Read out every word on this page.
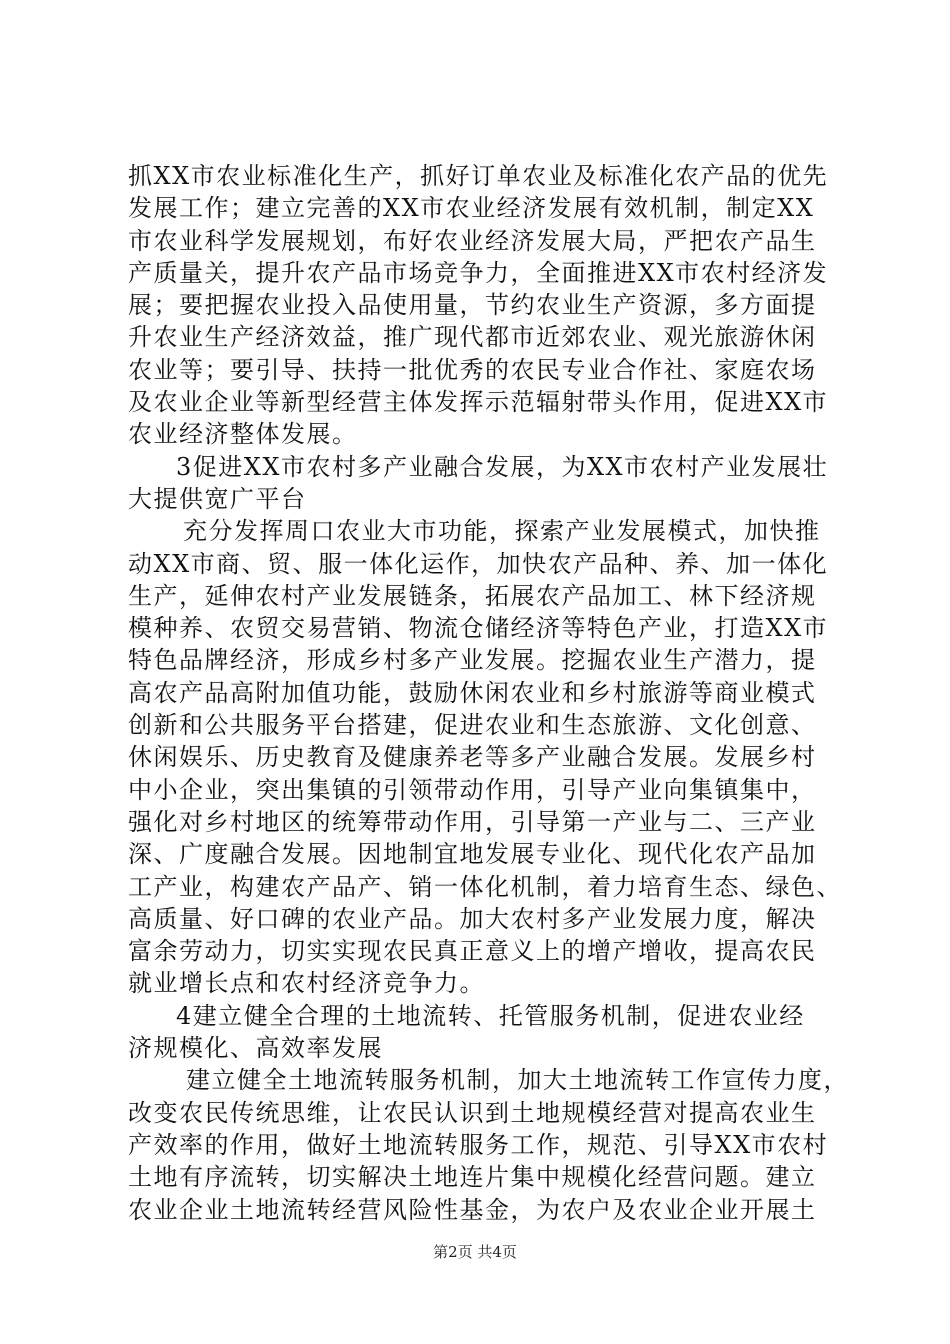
抓XX市农业标准化生产，抓好订单农业及标准化农产品的优先
发展工作；建立完善的XX市农业经济发展有效机制，制定XX
市农业科学发展规划，布好农业经济发展大局，严把农产品生
产质量关，提升农产品市场竞争力，全面推进XX市农村经济发
展；要把握农业投入品使用量，节约农业生产资源，多方面提
升农业生产经济效益，推广现代都市近郊农业、观光旅游休闲
农业等；要引导、扶持一批优秀的农民专业合作社、家庭农场
及农业企业等新型经营主体发挥示范辐射带头作用，促进XX市
农业经济整体发展。
3促进XX市农村多产业融合发展，为XX市农村产业发展壮
大提供宽广平台
充分发挥周口农业大市功能，探索产业发展模式，加快推
动XX市商、贸、服一体化运作，加快农产品种、养、加一体化
生产，延伸农村产业发展链条，拓展农产品加工、林下经济规
模种养、农贸交易营销、物流仓储经济等特色产业，打造XX市
特色品牌经济，形成乡村多产业发展。挖掘农业生产潜力，提
高农产品高附加值功能，鼓励休闲农业和乡村旅游等商业模式
创新和公共服务平台搭建，促进农业和生态旅游、文化创意、
休闲娱乐、历史教育及健康养老等多产业融合发展。发展乡村
中小企业，突出集镇的引领带动作用，引导产业向集镇集中，
强化对乡村地区的统筹带动作用，引导第一产业与二、三产业
深、广度融合发展。因地制宜地发展专业化、现代化农产品加
工产业，构建农产品产、销一体化机制，着力培育生态、绿色、
高质量、好口碑的农业产品。加大农村多产业发展力度，解决
富余劳动力，切实实现农民真正意义上的增产增收，提高农民
就业增长点和农村经济竞争力。
4建立健全合理的土地流转、托管服务机制，促进农业经
济规模化、高效率发展
建立健全土地流转服务机制，加大土地流转工作宣传力度，
改变农民传统思维，让农民认识到土地规模经营对提高农业生
产效率的作用，做好土地流转服务工作，规范、引导XX市农村
土地有序流转，切实解决土地连片集中规模化经营问题。建立
农业企业土地流转经营风险性基金，为农户及农业企业开展土
第2页 共4页
